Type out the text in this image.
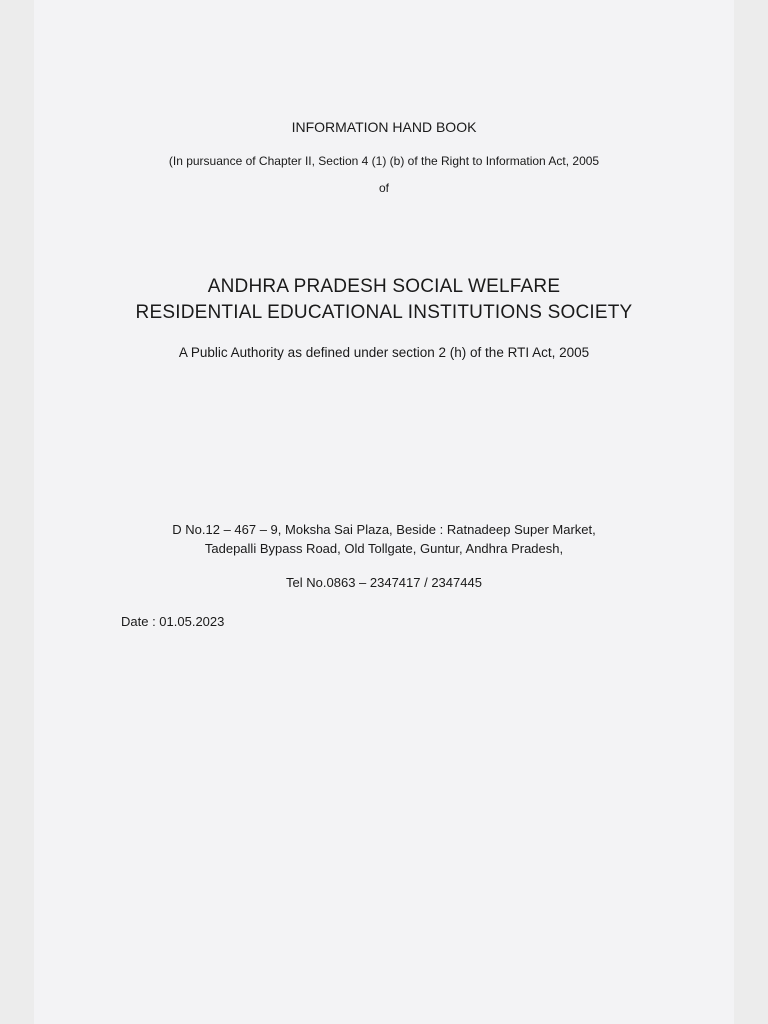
INFORMATION HAND BOOK
(In pursuance of Chapter II, Section 4 (1) (b) of the Right to Information Act, 2005
of
ANDHRA PRADESH SOCIAL WELFARE
RESIDENTIAL EDUCATIONAL INSTITUTIONS SOCIETY
A Public Authority as defined under section 2 (h) of the RTI Act, 2005
D No.12 – 467 – 9, Moksha Sai Plaza, Beside : Ratnadeep Super Market,
Tadepalli Bypass Road, Old Tollgate, Guntur, Andhra Pradesh,
Tel No.0863 – 2347417 / 2347445
Date : 01.05.2023
